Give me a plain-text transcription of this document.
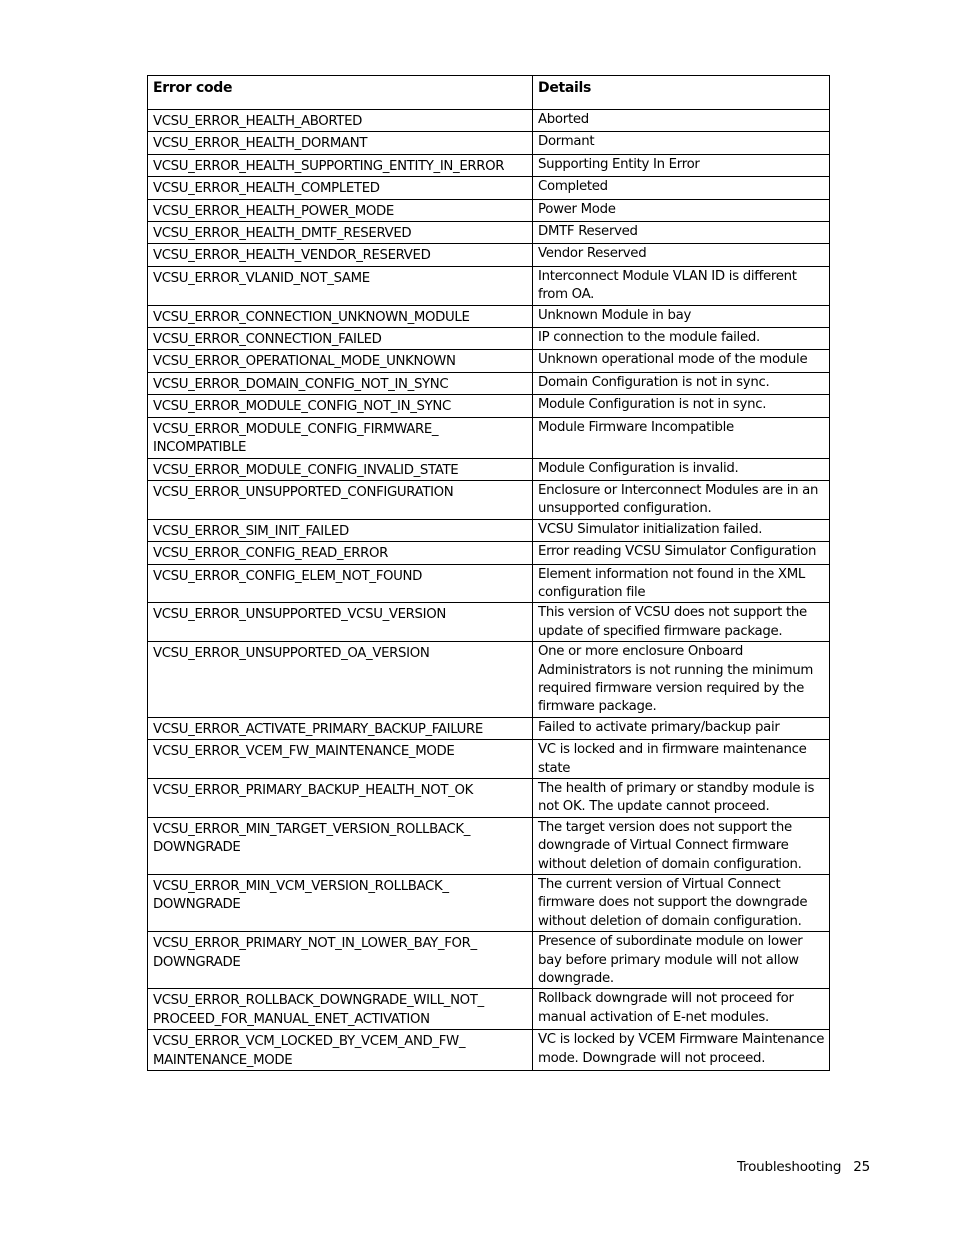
Error code	Details
VCSU_ERROR_HEALTH_ABORTED	Aborted
VCSU_ERROR_HEALTH_DORMANT	Dormant
VCSU_ERROR_HEALTH_SUPPORTING_ENTITY_IN_ERROR	Supporting Entity In Error
VCSU_ERROR_HEALTH_COMPLETED	Completed
VCSU_ERROR_HEALTH_POWER_MODE	Power Mode
VCSU_ERROR_HEALTH_DMTF_RESERVED	DMTF Reserved
VCSU_ERROR_HEALTH_VENDOR_RESERVED	Vendor Reserved
VCSU_ERROR_VLANID_NOT_SAME	Interconnect Module VLAN ID is different from OA.
VCSU_ERROR_CONNECTION_UNKNOWN_MODULE	Unknown Module in bay
VCSU_ERROR_CONNECTION_FAILED	IP connection to the module failed.
VCSU_ERROR_OPERATIONAL_MODE_UNKNOWN	Unknown operational mode of the module
VCSU_ERROR_DOMAIN_CONFIG_NOT_IN_SYNC	Domain Configuration is not in sync.
VCSU_ERROR_MODULE_CONFIG_NOT_IN_SYNC	Module Configuration is not in sync.
VCSU_ERROR_MODULE_CONFIG_FIRMWARE_
INCOMPATIBLE	Module Firmware Incompatible
VCSU_ERROR_MODULE_CONFIG_INVALID_STATE	Module Configuration is invalid.
VCSU_ERROR_UNSUPPORTED_CONFIGURATION	Enclosure or Interconnect Modules are in an unsupported configuration.
VCSU_ERROR_SIM_INIT_FAILED	VCSU Simulator initialization failed.
VCSU_ERROR_CONFIG_READ_ERROR	Error reading VCSU Simulator Configuration
VCSU_ERROR_CONFIG_ELEM_NOT_FOUND	Element information not found in the XML configuration file
VCSU_ERROR_UNSUPPORTED_VCSU_VERSION	This version of VCSU does not support the update of specified firmware package.
VCSU_ERROR_UNSUPPORTED_OA_VERSION	One or more enclosure Onboard Administrators is not running the minimum required firmware version required by the firmware package.
VCSU_ERROR_ACTIVATE_PRIMARY_BACKUP_FAILURE	Failed to activate primary/backup pair
VCSU_ERROR_VCEM_FW_MAINTENANCE_MODE	VC is locked and in firmware maintenance state
VCSU_ERROR_PRIMARY_BACKUP_HEALTH_NOT_OK	The health of primary or standby module is not OK. The update cannot proceed.
VCSU_ERROR_MIN_TARGET_VERSION_ROLLBACK_
DOWNGRADE	The target version does not support the downgrade of Virtual Connect firmware without deletion of domain configuration.
VCSU_ERROR_MIN_VCM_VERSION_ROLLBACK_
DOWNGRADE	The current version of Virtual Connect firmware does not support the downgrade without deletion of domain configuration.
VCSU_ERROR_PRIMARY_NOT_IN_LOWER_BAY_FOR_
DOWNGRADE	Presence of subordinate module on lower bay before primary module will not allow downgrade.
VCSU_ERROR_ROLLBACK_DOWNGRADE_WILL_NOT_
PROCEED_FOR_MANUAL_ENET_ACTIVATION	Rollback downgrade will not proceed for manual activation of E-net modules.
VCSU_ERROR_VCM_LOCKED_BY_VCEM_AND_FW_
MAINTENANCE_MODE	VC is locked by VCEM Firmware Maintenance mode. Downgrade will not proceed.
Troubleshooting 25
